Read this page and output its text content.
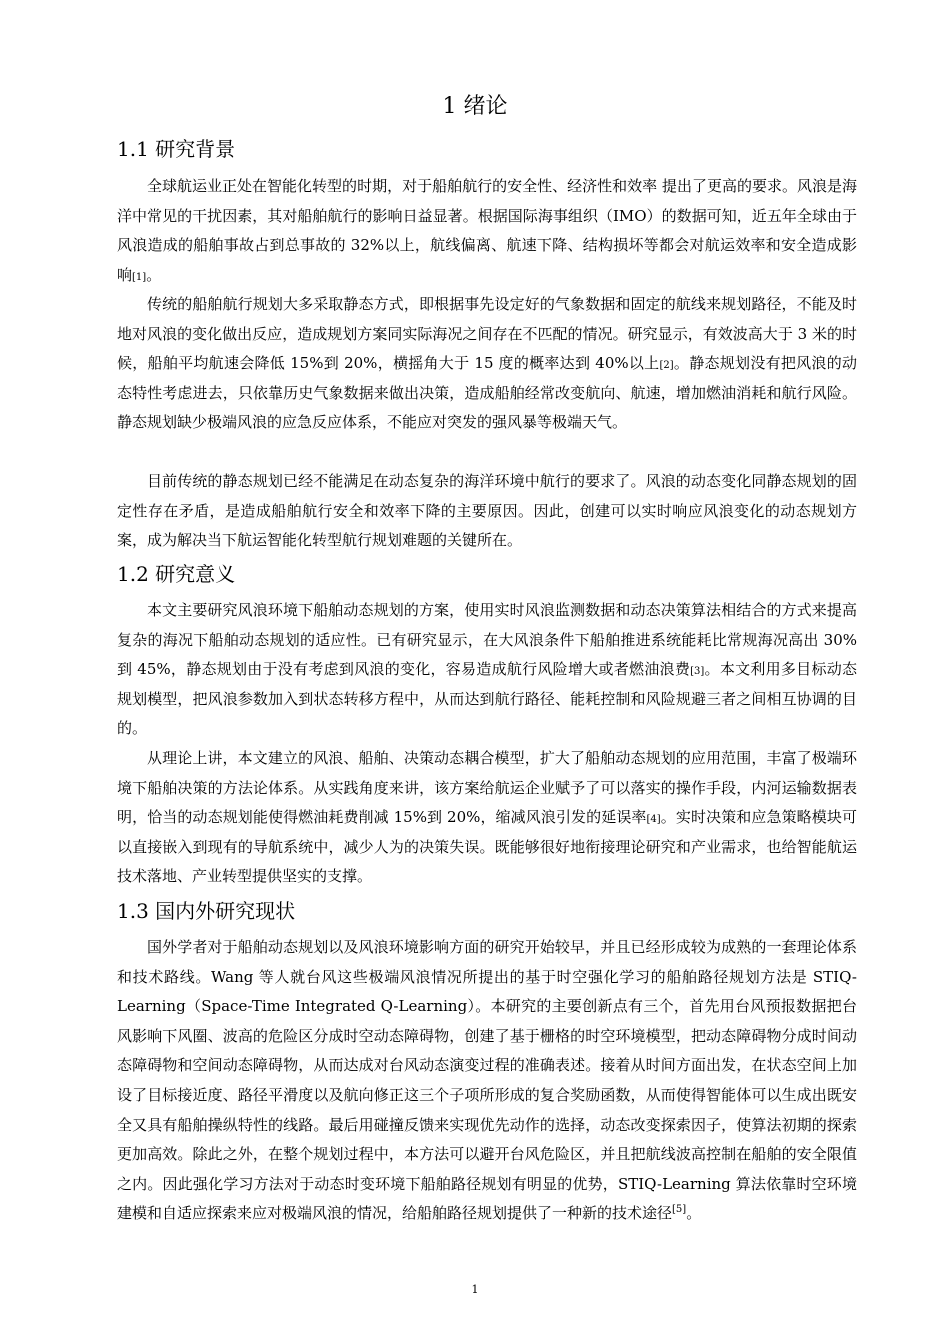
1 绪论
1.1 研究背景

全球航运业正处在智能化转型的时期，对于船舶航行的安全性、经济性和效率 提出了更高的要求。风浪是海洋中常见的干扰因素，其对船舶航行的影响日益显著。根据国际海事组织（IMO）的数据可知，近五年全球由于风浪造成的船舶事故占到总事故的 32%以上，航线偏离、航速下降、结构损坏等都会对航运效率和安全造成影响[1]。

传统的船舶航行规划大多采取静态方式，即根据事先设定好的气象数据和固定的航线来规划路径，不能及时地对风浪的变化做出反应，造成规划方案同实际海况之间存在不匹配的情况。研究显示，有效波高大于 3 米的时候，船舶平均航速会降低 15%到 20%，横摇角大于 15 度的概率达到 40%以上[2]。静态规划没有把风浪的动态特性考虑进去，只依靠历史气象数据来做出决策，造成船舶经常改变航向、航速，增加燃油消耗和航行风险。静态规划缺少极端风浪的应急反应体系，不能应对突发的强风暴等极端天气。

目前传统的静态规划已经不能满足在动态复杂的海洋环境中航行的要求了。风浪的动态变化同静态规划的固定性存在矛盾，是造成船舶航行安全和效率下降的主要原因。因此，创建可以实时响应风浪变化的动态规划方案，成为解决当下航运智能化转型航行规划难题的关键所在。

1.2 研究意义

本文主要研究风浪环境下船舶动态规划的方案，使用实时风浪监测数据和动态决策算法相结合的方式来提高复杂的海况下船舶动态规划的适应性。已有研究显示，在大风浪条件下船舶推进系统能耗比常规海况高出 30%到 45%，静态规划由于没有考虑到风浪的变化，容易造成航行风险增大或者燃油浪费[3]。本文利用多目标动态规划模型，把风浪参数加入到状态转移方程中，从而达到航行路径、能耗控制和风险规避三者之间相互协调的目的。

从理论上讲，本文建立的风浪、船舶、决策动态耦合模型，扩大了船舶动态规划的应用范围，丰富了极端环境下船舶决策的方法论体系。从实践角度来讲，该方案给航运企业赋予了可以落实的操作手段，内河运输数据表明，恰当的动态规划能使得燃油耗费削减 15%到 20%，缩减风浪引发的延误率[4]。实时决策和应急策略模块可以直接嵌入到现有的导航系统中，减少人为的决策失误。既能够很好地衔接理论研究和产业需求，也给智能航运技术落地、产业转型提供坚实的支撑。

1.3 国内外研究现状

国外学者对于船舶动态规划以及风浪环境影响方面的研究开始较早，并且已经形成较为成熟的一套理论体系和技术路线。Wang 等人就台风这些极端风浪情况所提出的基于时空强化学习的船舶路径规划方法是 STIQ-Learning（Space-Time Integrated Q-Learning）。本研究的主要创新点有三个，首先用台风预报数据把台风影响下风圈、波高的危险区分成时空动态障碍物，创建了基于栅格的时空环境模型，把动态障碍物分成时间动态障碍物和空间动态障碍物，从而达成对台风动态演变过程的准确表述。接着从时间方面出发，在状态空间上加设了目标接近度、路径平滑度以及航向修正这三个子项所形成的复合奖励函数，从而使得智能体可以生成出既安全又具有船舶操纵特性的线路。最后用碰撞反馈来实现优先动作的选择，动态改变探索因子，使算法初期的探索更加高效。除此之外，在整个规划过程中，本方法可以避开台风危险区，并且把航线波高控制在船舶的安全限值之内。因此强化学习方法对于动态时变环境下船舶路径规划有明显的优势，STIQ-Learning 算法依靠时空环境建模和自适应探索来应对极端风浪的情况，给船舶路径规划提供了一种新的技术途径[5]。

1
